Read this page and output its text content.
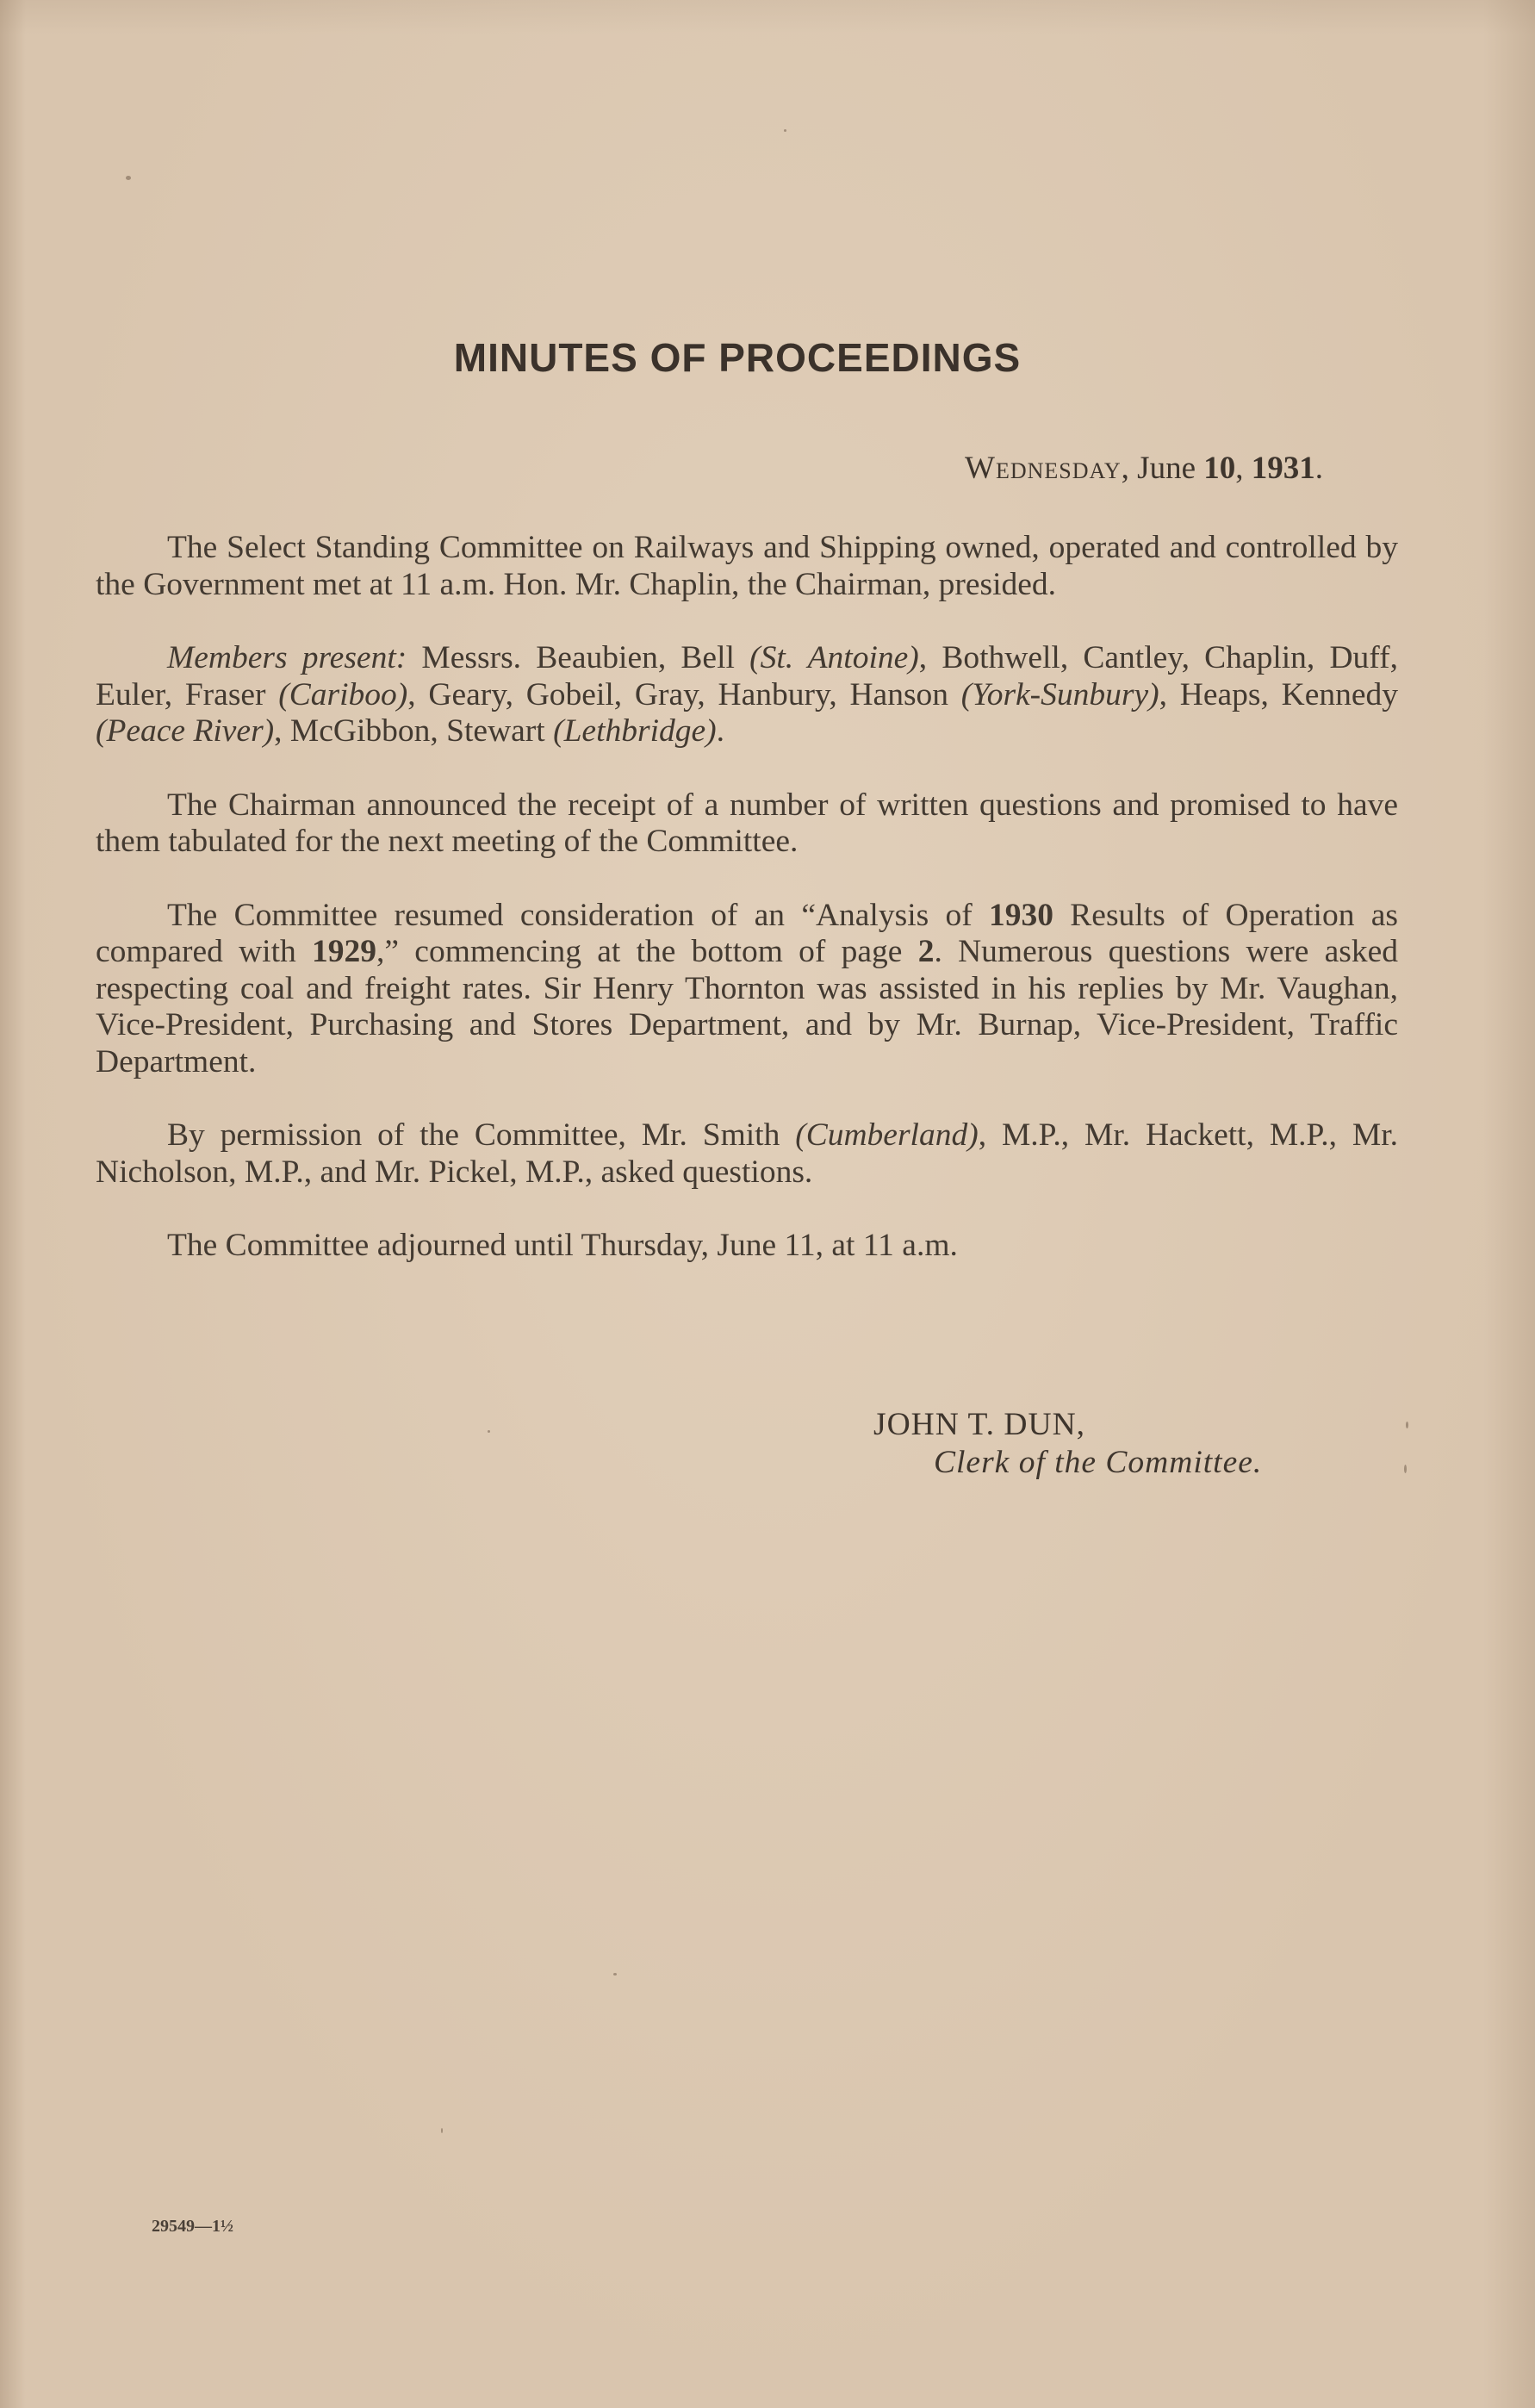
MINUTES OF PROCEEDINGS
Wednesday, June 10, 1931.

The Select Standing Committee on Railways and Shipping owned, operated and controlled by the Government met at 11 a.m. Hon. Mr. Chaplin, the Chairman, presided.

Members present: Messrs. Beaubien, Bell (St. Antoine), Bothwell, Cantley, Chaplin, Duff, Euler, Fraser (Cariboo), Geary, Gobeil, Gray, Hanbury, Hanson (York-Sunbury), Heaps, Kennedy (Peace River), McGibbon, Stewart (Lethbridge).

The Chairman announced the receipt of a number of written questions and promised to have them tabulated for the next meeting of the Committee.

The Committee resumed consideration of an “Analysis of 1930 Results of Operation as compared with 1929,” commencing at the bottom of page 2. Numerous questions were asked respecting coal and freight rates. Sir Henry Thornton was assisted in his replies by Mr. Vaughan, Vice-President, Purchasing and Stores Department, and by Mr. Burnap, Vice-President, Traffic Department.

By permission of the Committee, Mr. Smith (Cumberland), M.P., Mr. Hackett, M.P., Mr. Nicholson, M.P., and Mr. Pickel, M.P., asked questions.

The Committee adjourned until Thursday, June 11, at 11 a.m.

JOHN T. DUN,
Clerk of the Committee.
29549—1½
